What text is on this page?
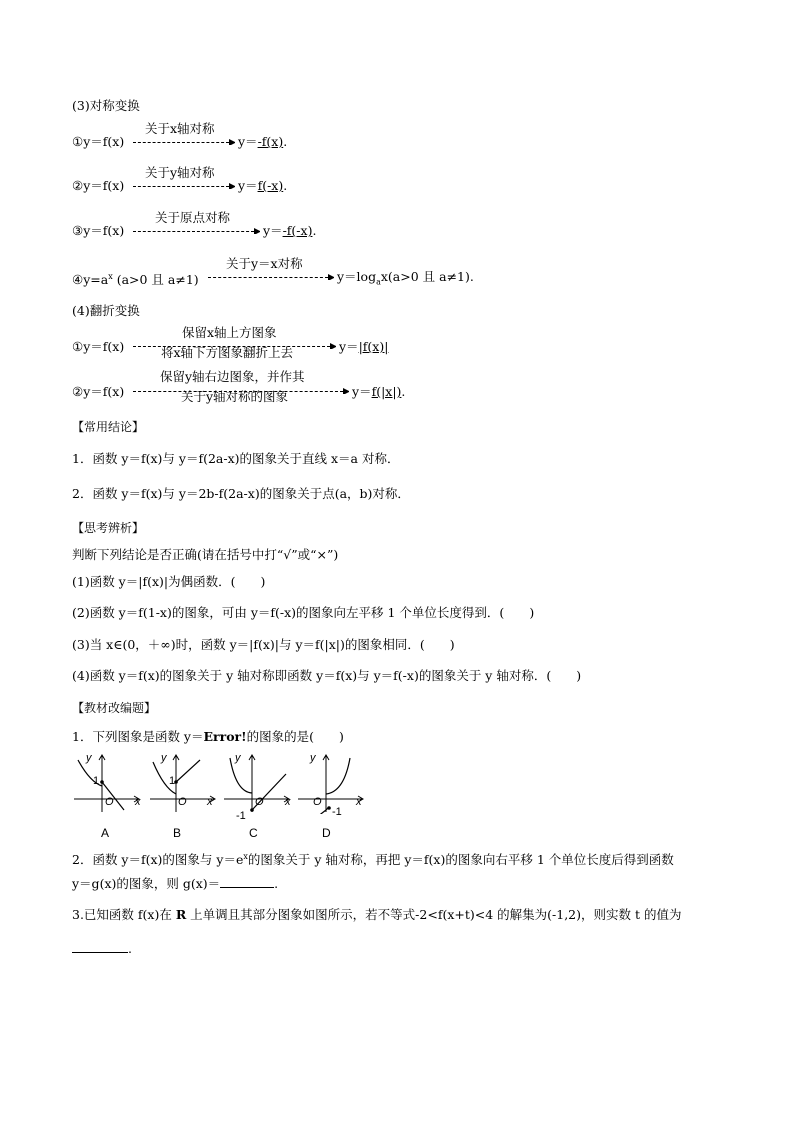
(3)对称变换
①y＝f(x)
关于x轴对称
y＝-f(x).
②y＝f(x)
关于y轴对称
y＝f(-x).
③y＝f(x)
关于原点对称
y＝-f(-x).
$④y=a^x$ (a>0 且 a≠1)
关于y＝x对称
$y=\log_ax(a>0$ 且 a≠1).
(4)翻折变换
①y＝f(x)
保留x轴上方图象
将x轴下方图象翻折上去	y＝|f(x)|
②y＝f(x)
保留y轴右边图象，并作其
关于y轴对称的图象	y＝f(|x|).
【常用结论】
1．函数 y＝f(x)与 y＝f(2a-x)的图象关于直线 x＝a 对称．
2．函数 y＝f(x)与 y＝2b-f(2a-x)的图象关于点(a，b)对称．
【思考辨析】
判断下列结论是否正确(请在括号中打“√”或“×”)
(1)函数 y＝|f(x)|为偶函数．(　　)
(2)函数 y＝f(1-x)的图象，可由 y＝f(-x)的图象向左平移 1 个单位长度得到．(　　)
(3)当 x∈(0，＋∞)时，函数 y＝|f(x)|与 y＝f(|x|)的图象相同．(　　)
(4)函数 y＝f(x)的图象关于 y 轴对称即函数 y＝f(x)与 y＝f(-x)的图象关于 y 轴对称．(　　)
【教材改编题】
1．下列图象是函数 y＝Error!的图象的是(　　)
y
1
O x
A
y
1
O x
B
y
O x
-1
C
y
O	x
-1
D
2．函数 y＝f(x)的图象与 $y=e^x$的图象关于 y 轴对称，再把 y＝f(x)的图象向右平移 1 个单位长度后得到函数
y＝g(x)的图象，则 g(x)＝	.
3.已知函数 f(x)在 R 上单调且其部分图象如图所示，若不等式-2<f(x+t)<4 的解集为(-1,2)，则实数 t 的值为
.
